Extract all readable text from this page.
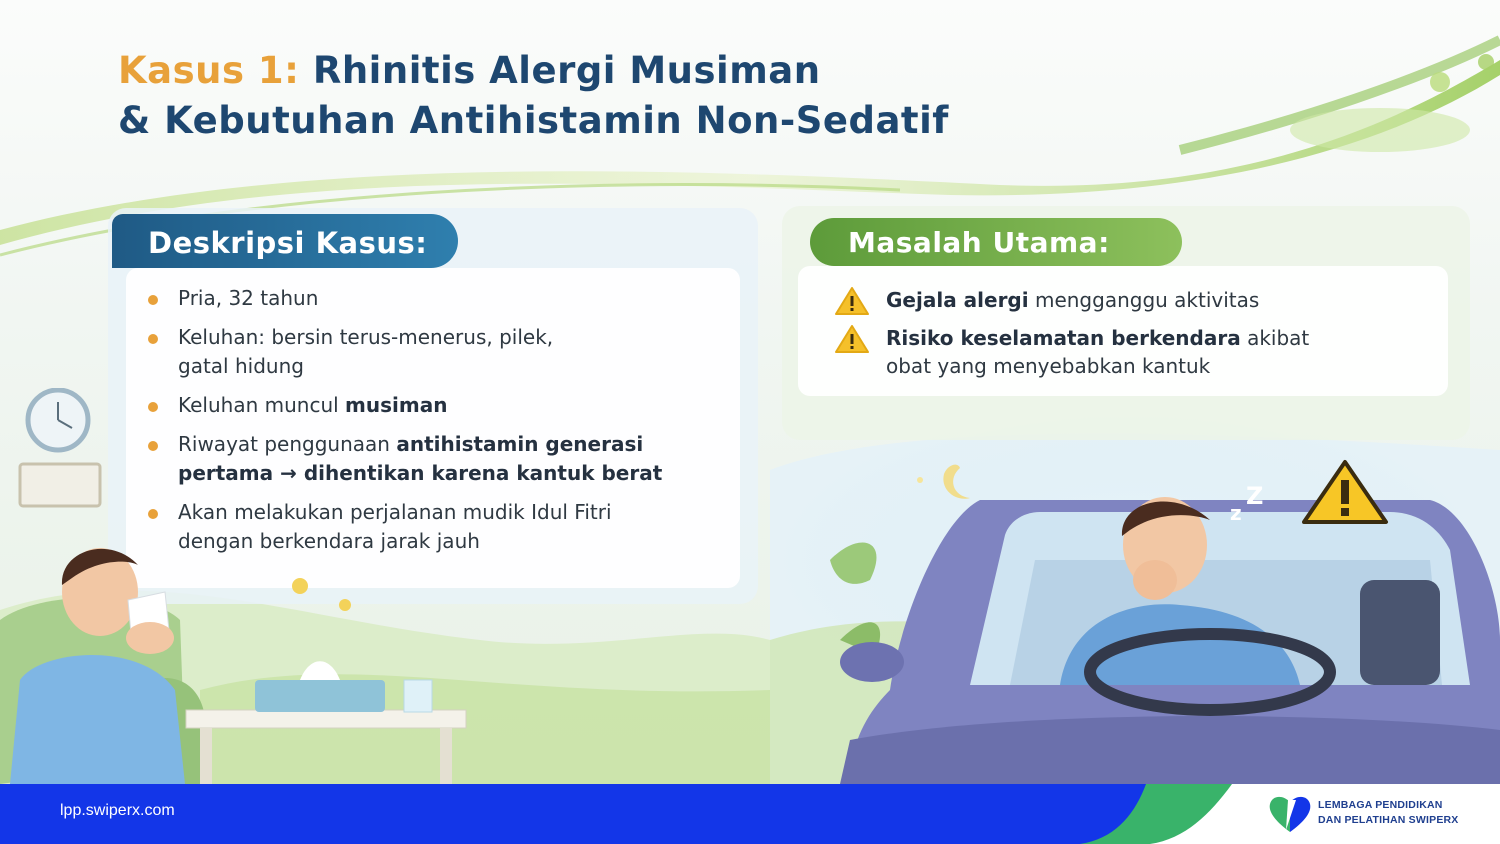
Kasus 1: Rhinitis Alergi Musiman
& Kebutuhan Antihistamin Non-Sedatif
Deskripsi Kasus:
Pria, 32 tahun
Keluhan: bersin terus-menerus, pilek,
gatal hidung
Keluhan muncul musiman
Riwayat penggunaan antihistamin generasi
pertama → dihentikan karena kantuk berat
Akan melakukan perjalanan mudik Idul Fitri
dengan berkendara jarak jauh
Masalah Utama:
Gejala alergi mengganggu aktivitas
Risiko keselamatan berkendara akibat
obat yang menyebabkan kantuk
z
Z
lpp.swiperx.com	LEMBAGA PENDIDIKAN
DAN PELATIHAN SWIPERX
